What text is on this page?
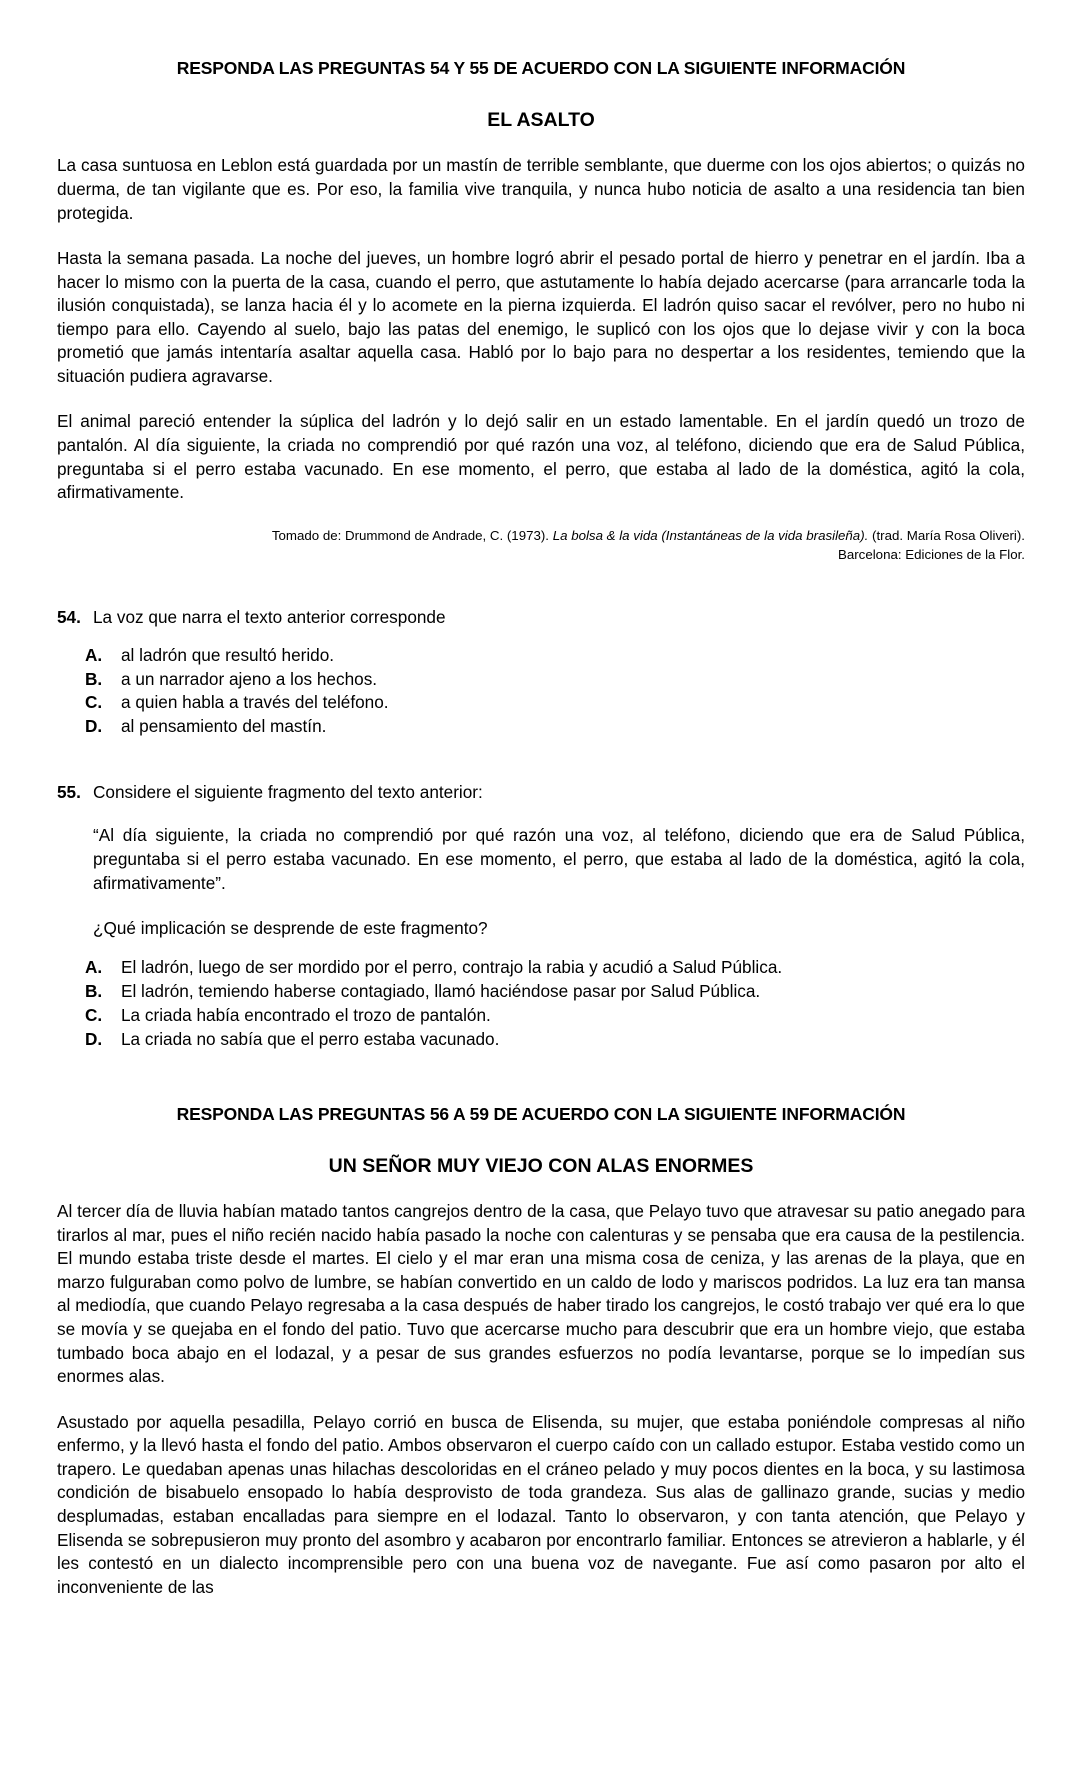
RESPONDA LAS PREGUNTAS 54 Y 55 DE ACUERDO CON LA SIGUIENTE INFORMACIÓN
EL ASALTO

La casa suntuosa en Leblon está guardada por un mastín de terrible semblante, que duerme con los ojos abiertos; o quizás no duerma, de tan vigilante que es. Por eso, la familia vive tranquila, y nunca hubo noticia de asalto a una residencia tan bien protegida.

Hasta la semana pasada. La noche del jueves, un hombre logró abrir el pesado portal de hierro y penetrar en el jardín. Iba a hacer lo mismo con la puerta de la casa, cuando el perro, que astutamente lo había dejado acercarse (para arrancarle toda la ilusión conquistada), se lanza hacia él y lo acomete en la pierna izquierda. El ladrón quiso sacar el revólver, pero no hubo ni tiempo para ello. Cayendo al suelo, bajo las patas del enemigo, le suplicó con los ojos que lo dejase vivir y con la boca prometió que jamás intentaría asaltar aquella casa. Habló por lo bajo para no despertar a los residentes, temiendo que la situación pudiera agravarse.

El animal pareció entender la súplica del ladrón y lo dejó salir en un estado lamentable. En el jardín quedó un trozo de pantalón. Al día siguiente, la criada no comprendió por qué razón una voz, al teléfono, diciendo que era de Salud Pública, preguntaba si el perro estaba vacunado. En ese momento, el perro, que estaba al lado de la doméstica, agitó la cola, afirmativamente.

Tomado de: Drummond de Andrade, C. (1973). La bolsa & la vida (Instantáneas de la vida brasileña). (trad. María Rosa Oliveri).
Barcelona: Ediciones de la Flor.
54. La voz que narra el texto anterior corresponde
A.	al ladrón que resultó herido.
B.	a un narrador ajeno a los hechos.
C.	a quien habla a través del teléfono.
D.	al pensamiento del mastín.
55. Considere el siguiente fragmento del texto anterior:
“Al día siguiente, la criada no comprendió por qué razón una voz, al teléfono, diciendo que era de Salud Pública, preguntaba si el perro estaba vacunado. En ese momento, el perro, que estaba al lado de la doméstica, agitó la cola, afirmativamente”.
¿Qué implicación se desprende de este fragmento?
A.	El ladrón, luego de ser mordido por el perro, contrajo la rabia y acudió a Salud Pública.
B.	El ladrón, temiendo haberse contagiado, llamó haciéndose pasar por Salud Pública.
C.	La criada había encontrado el trozo de pantalón.
D.	La criada no sabía que el perro estaba vacunado.
RESPONDA LAS PREGUNTAS 56 A 59 DE ACUERDO CON LA SIGUIENTE INFORMACIÓN
UN SEÑOR MUY VIEJO CON ALAS ENORMES

Al tercer día de lluvia habían matado tantos cangrejos dentro de la casa, que Pelayo tuvo que atravesar su patio anegado para tirarlos al mar, pues el niño recién nacido había pasado la noche con calenturas y se pensaba que era causa de la pestilencia. El mundo estaba triste desde el martes. El cielo y el mar eran una misma cosa de ceniza, y las arenas de la playa, que en marzo fulguraban como polvo de lumbre, se habían convertido en un caldo de lodo y mariscos podridos. La luz era tan mansa al mediodía, que cuando Pelayo regresaba a la casa después de haber tirado los cangrejos, le costó trabajo ver qué era lo que se movía y se quejaba en el fondo del patio. Tuvo que acercarse mucho para descubrir que era un hombre viejo, que estaba tumbado boca abajo en el lodazal, y a pesar de sus grandes esfuerzos no podía levantarse, porque se lo impedían sus enormes alas.

Asustado por aquella pesadilla, Pelayo corrió en busca de Elisenda, su mujer, que estaba poniéndole compresas al niño enfermo, y la llevó hasta el fondo del patio. Ambos observaron el cuerpo caído con un callado estupor. Estaba vestido como un trapero. Le quedaban apenas unas hilachas descoloridas en el cráneo pelado y muy pocos dientes en la boca, y su lastimosa condición de bisabuelo ensopado lo había desprovisto de toda grandeza. Sus alas de gallinazo grande, sucias y medio desplumadas, estaban encalladas para siempre en el lodazal. Tanto lo observaron, y con tanta atención, que Pelayo y Elisenda se sobrepusieron muy pronto del asombro y acabaron por encontrarlo familiar. Entonces se atrevieron a hablarle, y él les contestó en un dialecto incomprensible pero con una buena voz de navegante. Fue así como pasaron por alto el inconveniente de las
